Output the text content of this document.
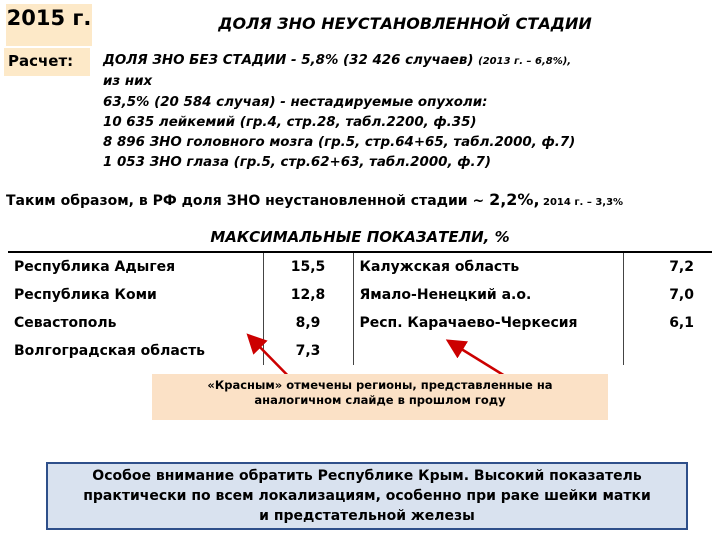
2015 г.	ДОЛЯ ЗНО НЕУСТАНОВЛЕННОЙ СТАДИИ
Расчет:	ДОЛЯ ЗНО БЕЗ СТАДИИ - 5,8% (32 426 случаев) (2013 г. – 6,8%),
из них
63,5% (20 584 случая) - нестадируемые опухоли:
10 635 лейкемий (гр.4, стр.28, табл.2200, ф.35)
8 896 ЗНО головного мозга (гр.5, стр.64+65, табл.2000, ф.7)
1 053 ЗНО глаза (гр.5, стр.62+63, табл.2000, ф.7)
Таким образом, в РФ доля ЗНО неустановленной стадии ~ 2,2%, 2014 г. – 3,3%
МАКСИМАЛЬНЫЕ ПОКАЗАТЕЛИ, %			
Республика Адыгея	15,5	Калужская область	7,2
Республика Коми	12,8	Ямало-Ненецкий а.о.	7,0
Севастополь	8,9	Респ. Карачаево-Черкесия	6,1
Волгоградская область	7,3		
«Красным» отмечены регионы, представленные на
аналогичном слайде в прошлом году
Особое внимание обратить Республике Крым. Высокий показатель
практически по всем локализациям, особенно при раке шейки матки
и предстательной железы
